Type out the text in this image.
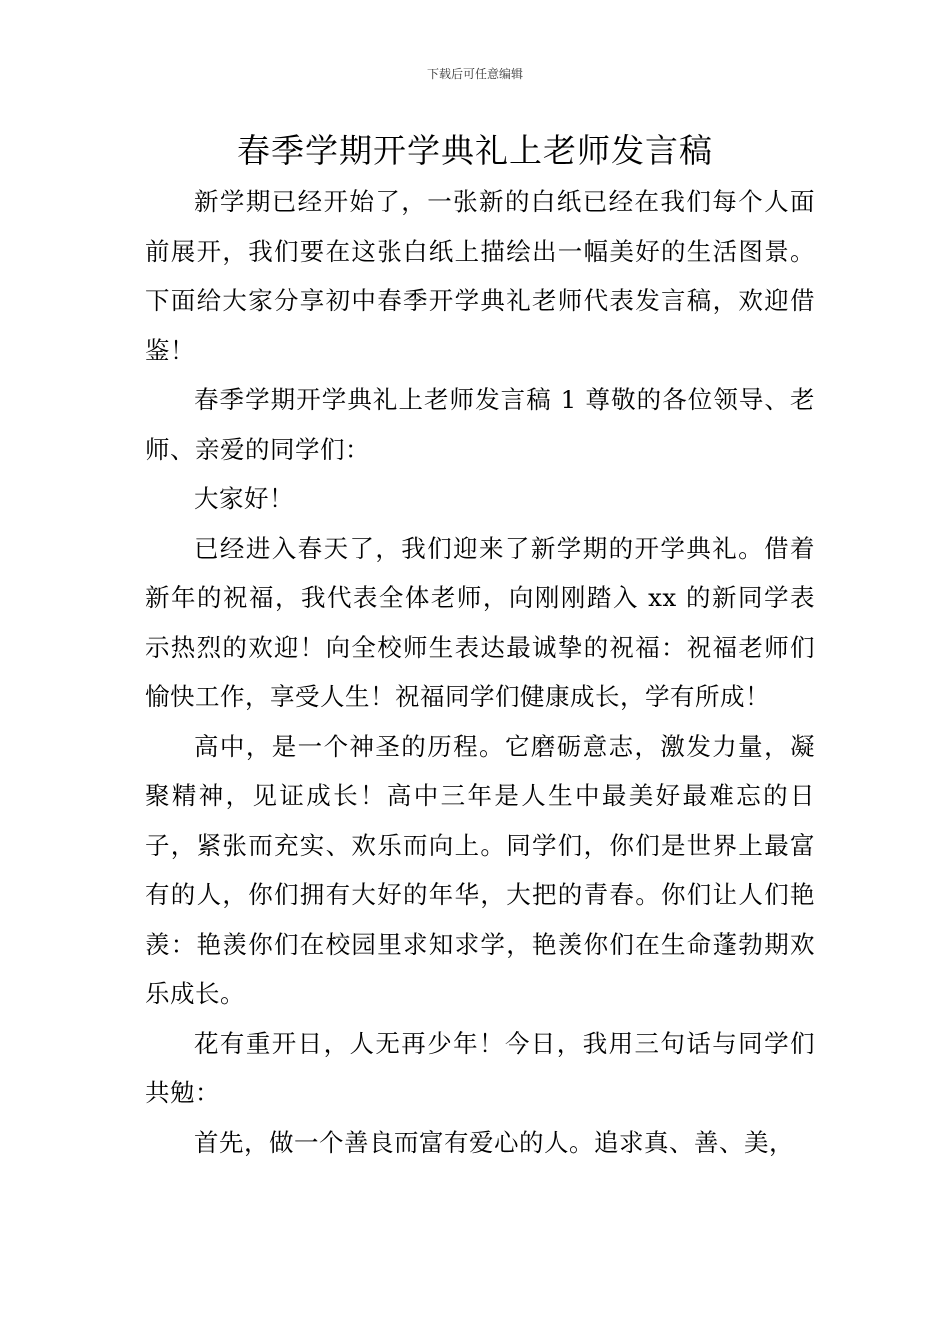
下载后可任意编辑
春季学期开学典礼上老师发言稿

新学期已经开始了，一张新的白纸已经在我们每个人面前展开，我们要在这张白纸上描绘出一幅美好的生活图景。下面给大家分享初中春季开学典礼老师代表发言稿，欢迎借鉴！

春季学期开学典礼上老师发言稿 1 尊敬的各位领导、老师、亲爱的同学们：

大家好！

已经进入春天了，我们迎来了新学期的开学典礼。借着新年的祝福，我代表全体老师，向刚刚踏入 xx 的新同学表示热烈的欢迎！向全校师生表达最诚挚的祝福：祝福老师们愉快工作，享受人生！祝福同学们健康成长，学有所成！

高中，是一个神圣的历程。它磨砺意志，激发力量，凝聚精神，见证成长！高中三年是人生中最美好最难忘的日子，紧张而充实、欢乐而向上。同学们，你们是世界上最富有的人，你们拥有大好的年华，大把的青春。你们让人们艳羡：艳羡你们在校园里求知求学，艳羡你们在生命蓬勃期欢乐成长。

花有重开日，人无再少年！今日，我用三句话与同学们共勉：

首先，做一个善良而富有爱心的人。追求真、善、美，
